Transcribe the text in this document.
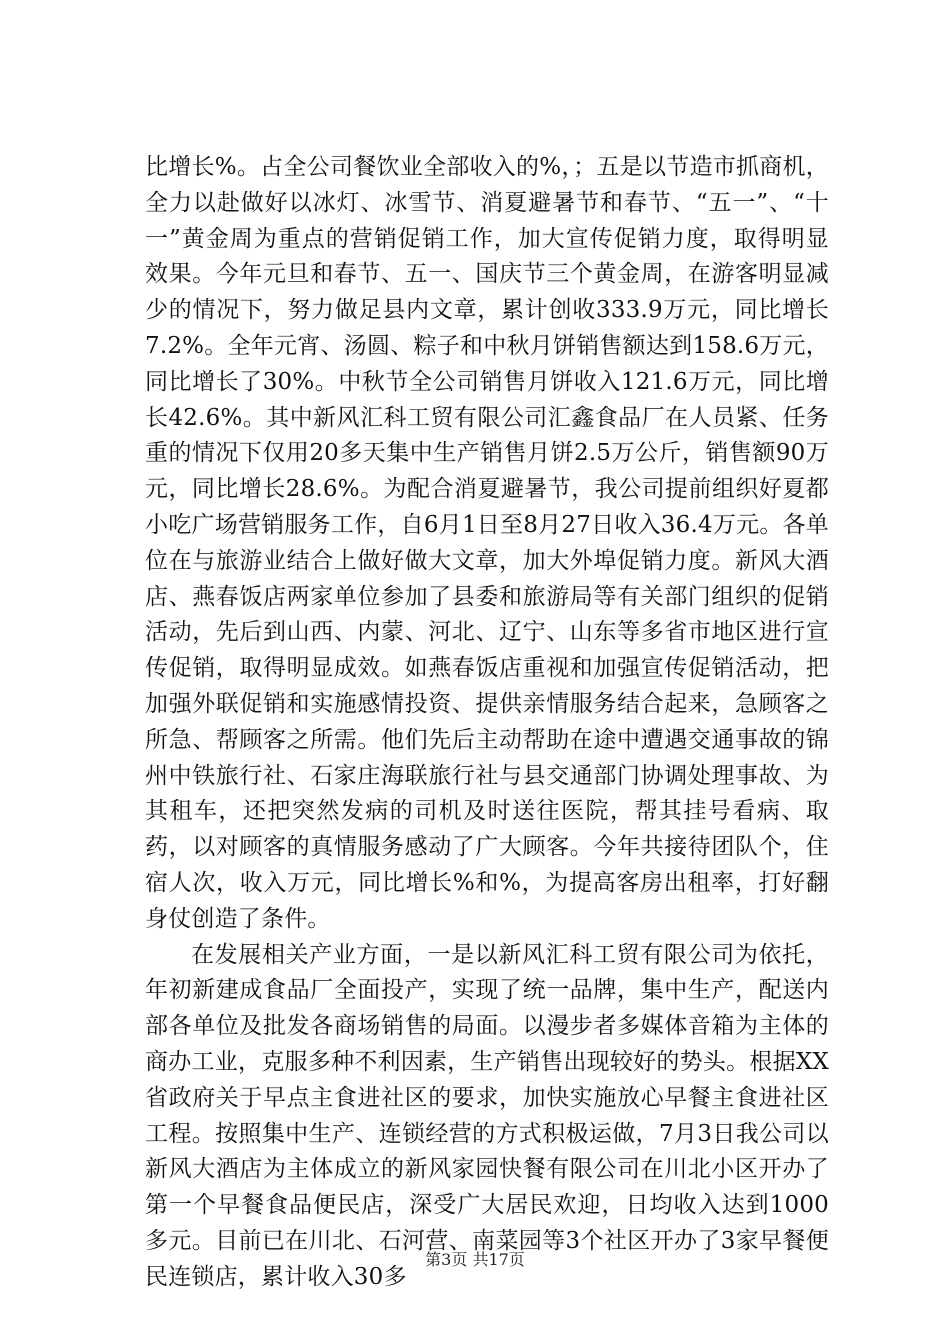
比增长%。占全公司餐饮业全部收入的%，；五是以节造市抓商机，全力以赴做好以冰灯、冰雪节、消夏避暑节和春节、“五一”、“十一”黄金周为重点的营销促销工作，加大宣传促销力度，取得明显效果。今年元旦和春节、五一、国庆节三个黄金周，在游客明显减少的情况下，努力做足县内文章，累计创收333.9万元，同比增长7.2%。全年元宵、汤圆、粽子和中秋月饼销售额达到158.6万元，同比增长了30%。中秋节全公司销售月饼收入121.6万元，同比增长42.6%。其中新风汇科工贸有限公司汇鑫食品厂在人员紧、任务重的情况下仅用20多天集中生产销售月饼2.5万公斤，销售额90万元，同比增长28.6%。为配合消夏避暑节，我公司提前组织好夏都小吃广场营销服务工作，自6月1日至8月27日收入36.4万元。各单位在与旅游业结合上做好做大文章，加大外埠促销力度。新风大酒店、燕春饭店两家单位参加了县委和旅游局等有关部门组织的促销活动，先后到山西、内蒙、河北、辽宁、山东等多省市地区进行宣传促销，取得明显成效。如燕春饭店重视和加强宣传促销活动，把加强外联促销和实施感情投资、提供亲情服务结合起来，急顾客之所急、帮顾客之所需。他们先后主动帮助在途中遭遇交通事故的锦州中铁旅行社、石家庄海联旅行社与县交通部门协调处理事故、为其租车，还把突然发病的司机及时送往医院，帮其挂号看病、取药，以对顾客的真情服务感动了广大顾客。今年共接待团队个，住宿人次，收入万元，同比增长%和%，为提高客房出租率，打好翻身仗创造了条件。

在发展相关产业方面，一是以新风汇科工贸有限公司为依托，年初新建成食品厂全面投产，实现了统一品牌，集中生产，配送内部各单位及批发各商场销售的局面。以漫步者多媒体音箱为主体的商办工业，克服多种不利因素，生产销售出现较好的势头。根据XX省政府关于早点主食进社区的要求，加快实施放心早餐主食进社区工程。按照集中生产、连锁经营的方式积极运做，7月3日我公司以新风大酒店为主体成立的新风家园快餐有限公司在川北小区开办了第一个早餐食品便民店，深受广大居民欢迎，日均收入达到1000多元。目前已在川北、石河营、南菜园等3个社区开办了3家早餐便民连锁店，累计收入30多

第3页 共17页
